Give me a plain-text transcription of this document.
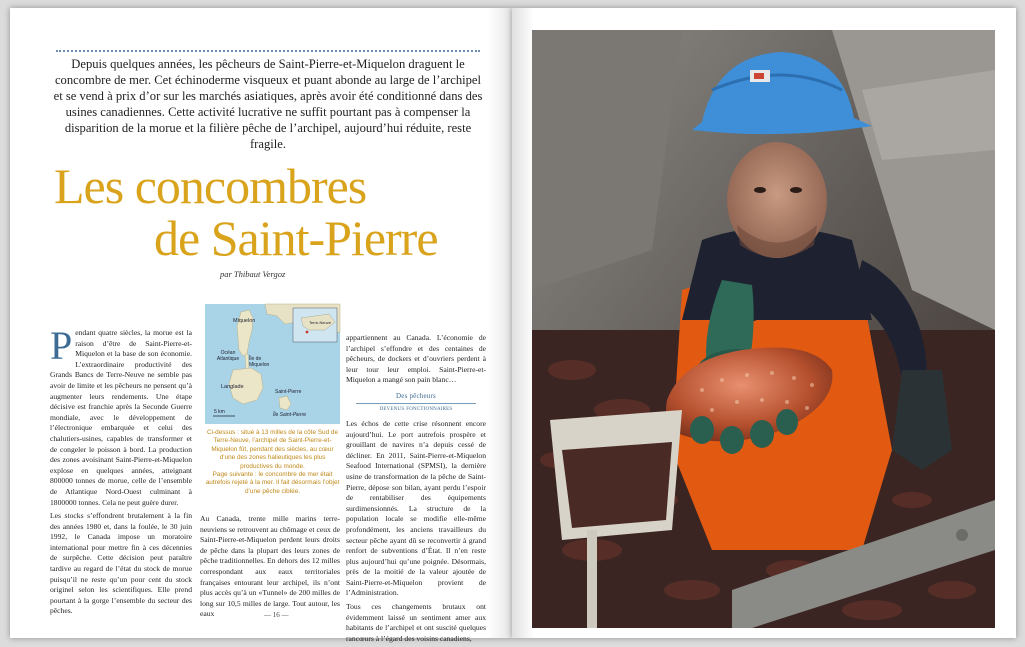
Depuis quelques années, les pêcheurs de Saint-Pierre-et-Miquelon draguent le concombre de mer. Cet échinoderme visqueux et puant abonde au large de l’archipel et se vend à prix d’or sur les marchés asiatiques, après avoir été conditionné dans des usines canadiennes. Cette activité lucrative ne suffit pourtant pas à compenser la disparition de la morue et la filière pêche de l’archipel, aujourd’hui réduite, reste fragile.
Les concombres
de Saint-Pierre
par Thibaut Vergoz

Pendant quatre siècles, la morue est la raison d’être de Saint-Pierre-et-Miquelon et la base de son économie. L’extraordinaire productivité des Grands Bancs de Terre-Neuve ne semble pas avoir de limite et les pêcheurs ne pensent qu’à augmenter leurs rendements. Une étape décisive est franchie après la Seconde Guerre mondiale, avec le développement de l’électronique embarquée et celui des chalutiers-usines, capables de transformer et de congeler le poisson à bord. La production des zones avoisinant Saint-Pierre-et-Miquelon explose en quelques années, atteignant 800000 tonnes de morue, celle de l’ensemble de Atlantique Nord-Ouest culminant à 1800000 tonnes. Cela ne peut guère durer.

Les stocks s’effondrent brutalement à la fin des années 1980 et, dans la foulée, le 30 juin 1992, le Canada impose un moratoire international pour mettre fin à ces décennies de surpêche. Cette décision peut paraître tardive au regard de l’état du stock de morue puisqu’il ne reste qu’un pour cent du stock originel selon les scientifiques. Elle prend pourtant à la gorge l’ensemble du secteur des pêches.

Miquelon
Océan Atlantique	Île de Miquelon
Langlade
Saint-Pierre
Île Saint-Pierre
Terre-Neuve
5 km

Ci-dessus : situé à 13 milles de la côte Sud de Terre-Neuve, l’archipel de Saint-Pierre-et-Miquelon fût, pendant des siècles, au cœur d’une des zones halieutiques les plus productives du monde.

Page suivante : le concombre de mer était autrefois rejeté à la mer. Il fait désormais l’objet d’une pêche ciblée.

Au Canada, trente mille marins terre-neuviens se retrouvent au chômage et ceux de Saint-Pierre-et-Miquelon perdent leurs droits de pêche dans la plupart des leurs zones de pêche traditionnelles. En dehors des 12 milles correspondant aux eaux territoriales françaises entourant leur archipel, ils n’ont plus accès qu’à un «Tunnel» de 200 milles de long sur 10,5 milles de large. Tout autour, les eaux

appartiennent au Canada. L’économie de l’archipel s’effondre et des centaines de pêcheurs, de dockers et d’ouvriers perdent à leur tour leur emploi. Saint-Pierre-et-Miquelon a mangé son pain blanc…

Des pêcheurs
devenus fonctionnaires

Les échos de cette crise résonnent encore aujourd’hui. Le port autrefois prospère et grouillant de navires n’a depuis cessé de décliner. En 2011, Saint-Pierre-et-Miquelon Seafood International (SPMSI), la dernière usine de transformation de la pêche de Saint-Pierre, dépose son bilan, ayant perdu l’espoir de rentabiliser des équipements surdimensionnés. La structure de la population locale se modifie elle-même profondément, les anciens travailleurs du secteur pêche ayant dû se reconvertir à grand renfort de subventions d’État. Il n’en reste plus aujourd’hui qu’une poignée. Désormais, près de la moitié de la valeur ajoutée de Saint-Pierre-et-Miquelon provient de l’Administration.

Tous ces changements brutaux ont évidemment laissé un sentiment amer aux habitants de l’archipel et ont suscité quelques rancœurs à l’égard des voisins canadiens,

— 16 —
